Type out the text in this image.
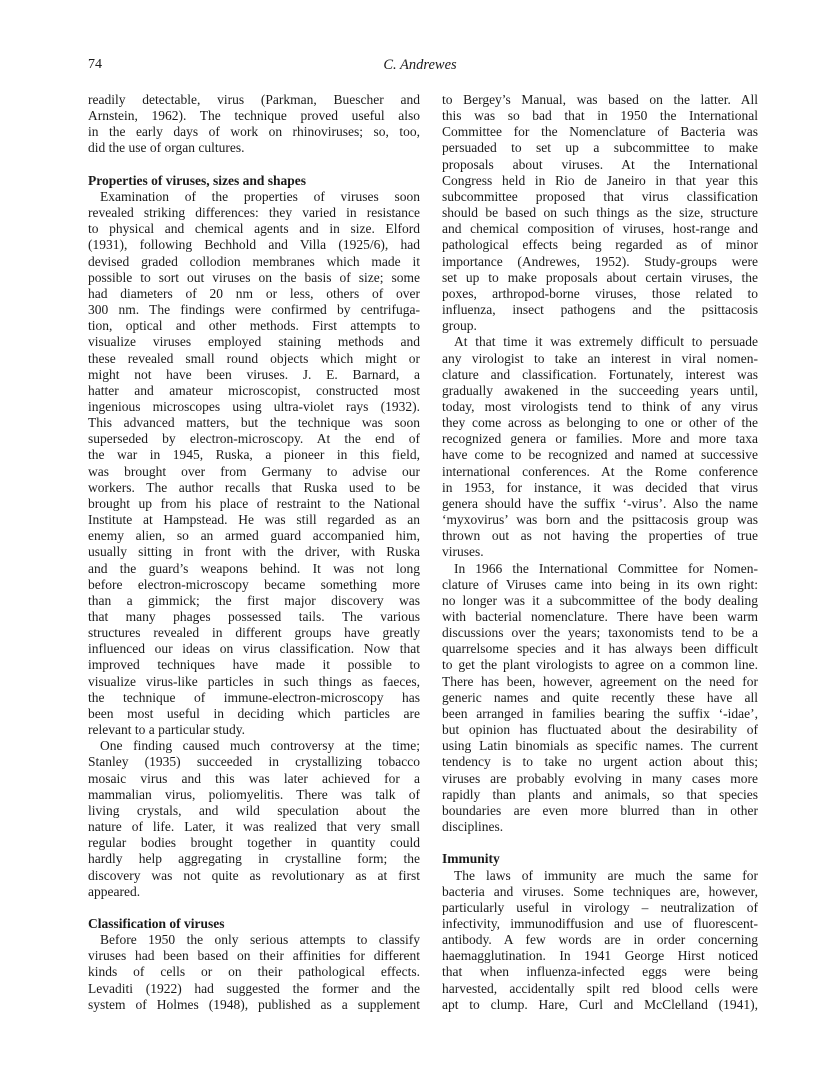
74	C. Andrewes
readily detectable, virus (Parkman, Buescher and
Arnstein, 1962). The technique proved useful also
in the early days of work on rhinoviruses; so, too,
did the use of organ cultures.
Properties of viruses, sizes and shapes
Examination of the properties of viruses soon
revealed striking differences: they varied in resistance
to physical and chemical agents and in size. Elford
(1931), following Bechhold and Villa (1925/6), had
devised graded collodion membranes which made it
possible to sort out viruses on the basis of size; some
had diameters of 20 nm or less, others of over
300 nm. The findings were confirmed by centrifuga-
tion, optical and other methods. First attempts to
visualize viruses employed staining methods and
these revealed small round objects which might or
might not have been viruses. J. E. Barnard, a
hatter and amateur microscopist, constructed most
ingenious microscopes using ultra-violet rays (1932).
This advanced matters, but the technique was soon
superseded by electron-microscopy. At the end of
the war in 1945, Ruska, a pioneer in this field,
was brought over from Germany to advise our
workers. The author recalls that Ruska used to be
brought up from his place of restraint to the National
Institute at Hampstead. He was still regarded as an
enemy alien, so an armed guard accompanied him,
usually sitting in front with the driver, with Ruska
and the guard’s weapons behind. It was not long
before electron-microscopy became something more
than a gimmick; the first major discovery was
that many phages possessed tails. The various
structures revealed in different groups have greatly
influenced our ideas on virus classification. Now that
improved techniques have made it possible to
visualize virus-like particles in such things as faeces,
the technique of immune-electron-microscopy has
been most useful in deciding which particles are
relevant to a particular study.
One finding caused much controversy at the time;
Stanley (1935) succeeded in crystallizing tobacco
mosaic virus and this was later achieved for a
mammalian virus, poliomyelitis. There was talk of
living crystals, and wild speculation about the
nature of life. Later, it was realized that very small
regular bodies brought together in quantity could
hardly help aggregating in crystalline form; the
discovery was not quite as revolutionary as at first
appeared.
Classification of viruses
Before 1950 the only serious attempts to classify
viruses had been based on their affinities for different
kinds of cells or on their pathological effects.
Levaditi (1922) had suggested the former and the
system of Holmes (1948), published as a supplement
to Bergey’s Manual, was based on the latter. All
this was so bad that in 1950 the International
Committee for the Nomenclature of Bacteria was
persuaded to set up a subcommittee to make
proposals about viruses. At the International
Congress held in Rio de Janeiro in that year this
subcommittee proposed that virus classification
should be based on such things as the size, structure
and chemical composition of viruses, host-range and
pathological effects being regarded as of minor
importance (Andrewes, 1952). Study-groups were
set up to make proposals about certain viruses, the
poxes, arthropod-borne viruses, those related to
influenza, insect pathogens and the psittacosis
group.
At that time it was extremely difficult to persuade
any virologist to take an interest in viral nomen-
clature and classification. Fortunately, interest was
gradually awakened in the succeeding years until,
today, most virologists tend to think of any virus
they come across as belonging to one or other of the
recognized genera or families. More and more taxa
have come to be recognized and named at successive
international conferences. At the Rome conference
in 1953, for instance, it was decided that virus
genera should have the suffix ‘-virus’. Also the name
‘myxovirus’ was born and the psittacosis group was
thrown out as not having the properties of true
viruses.
In 1966 the International Committee for Nomen-
clature of Viruses came into being in its own right:
no longer was it a subcommittee of the body dealing
with bacterial nomenclature. There have been warm
discussions over the years; taxonomists tend to be a
quarrelsome species and it has always been difficult
to get the plant virologists to agree on a common line.
There has been, however, agreement on the need for
generic names and quite recently these have all
been arranged in families bearing the suffix ‘-idae’,
but opinion has fluctuated about the desirability of
using Latin binomials as specific names. The current
tendency is to take no urgent action about this;
viruses are probably evolving in many cases more
rapidly than plants and animals, so that species
boundaries are even more blurred than in other
disciplines.
Immunity
The laws of immunity are much the same for
bacteria and viruses. Some techniques are, however,
particularly useful in virology – neutralization of
infectivity, immunodiffusion and use of fluorescent-
antibody. A few words are in order concerning
haemagglutination. In 1941 George Hirst noticed
that when influenza-infected eggs were being
harvested, accidentally spilt red blood cells were
apt to clump. Hare, Curl and McClelland (1941),
